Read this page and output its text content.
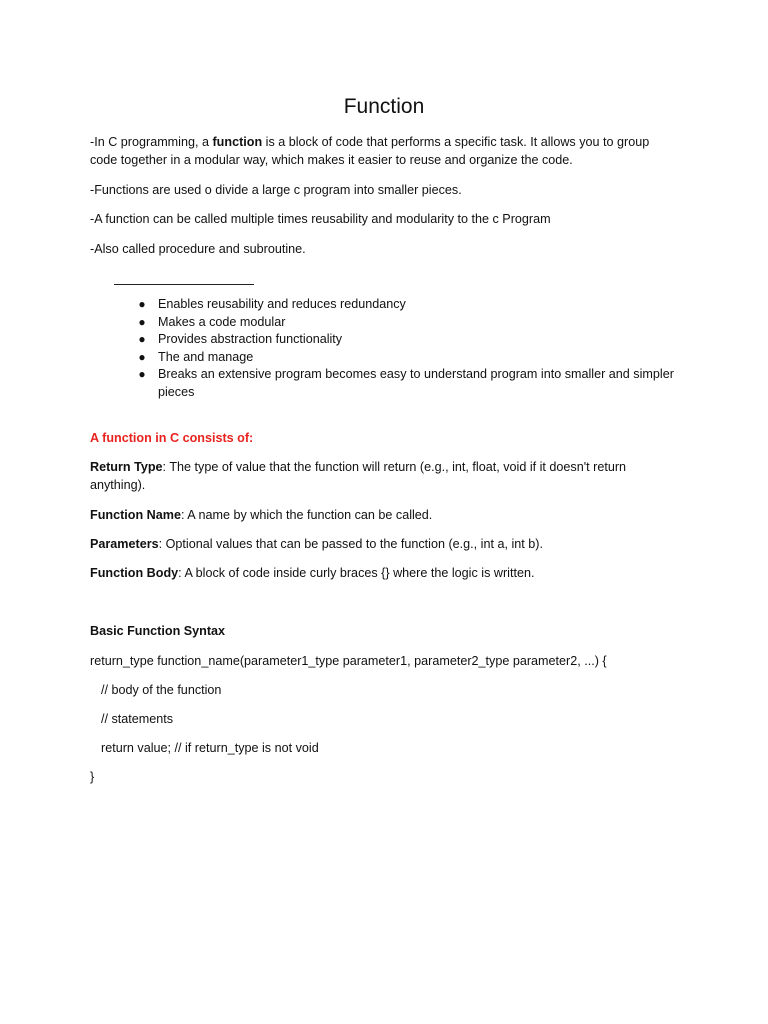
Function

-In C programming, a function is a block of code that performs a specific task. It allows you to group code together in a modular way, which makes it easier to reuse and organize the code.

-Functions are used o divide a large c program into smaller pieces.

-A function can be called multiple times reusability and modularity to the c Program

-Also called procedure and subroutine.

● Enables reusability and reduces redundancy
● Makes a code modular
● Provides abstraction functionality
● The and manage
● Breaks an extensive program becomes easy to understand program into smaller and simpler pieces

A function in C consists of:

Return Type: The type of value that the function will return (e.g., int, float, void if it doesn't return anything).

Function Name: A name by which the function can be called.

Parameters: Optional values that can be passed to the function (e.g., int a, int b).

Function Body: A block of code inside curly braces {} where the logic is written.

Basic Function Syntax

return_type function_name(parameter1_type parameter1, parameter2_type parameter2, ...) {

// body of the function

// statements

return value; // if return_type is not void

}
